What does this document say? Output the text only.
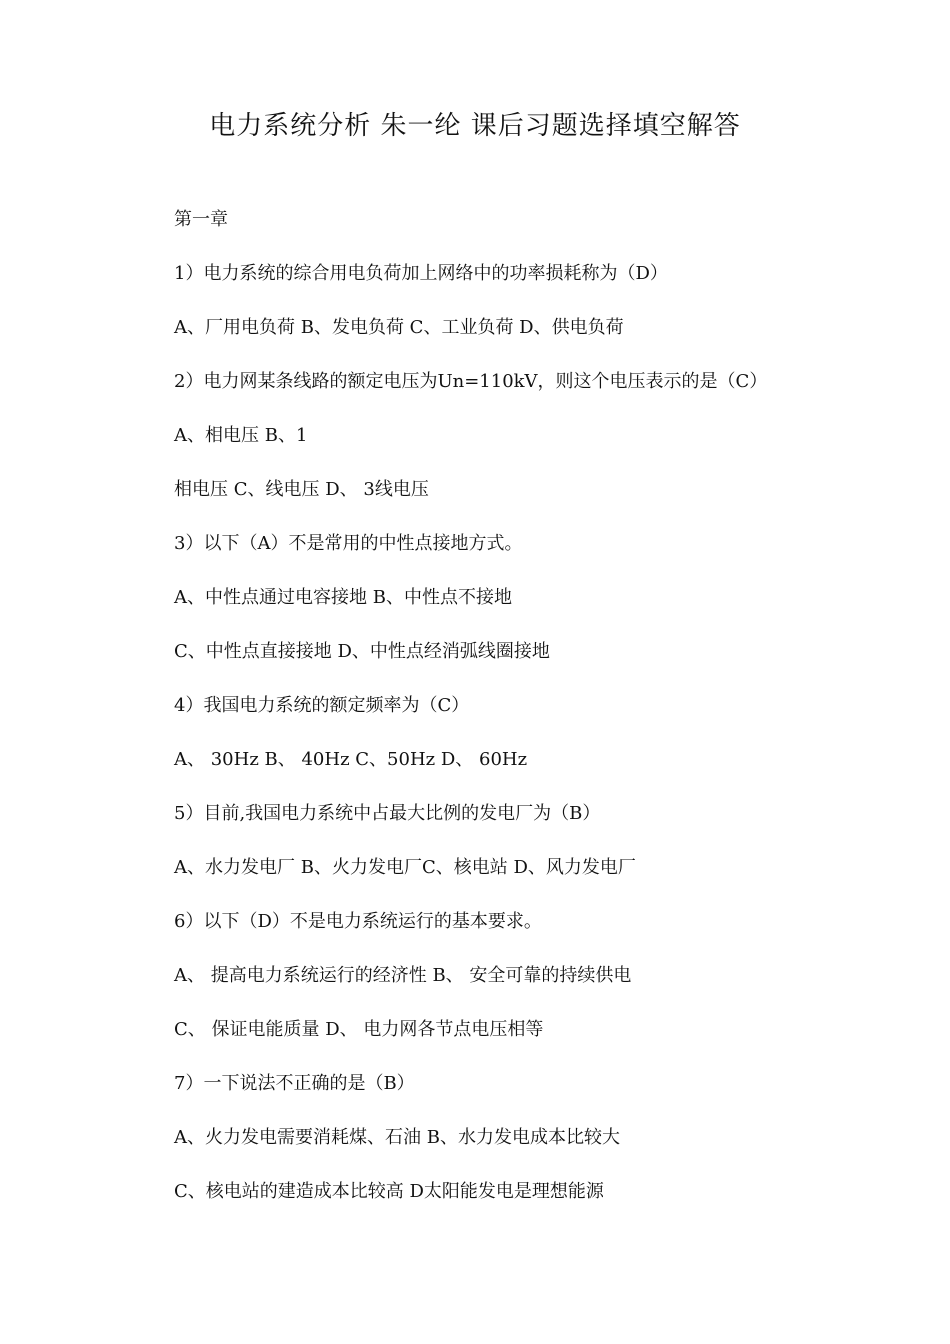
电力系统分析 朱一纶 课后习题选择填空解答
第一章
1）电力系统的综合用电负荷加上网络中的功率损耗称为（D）
A、厂用电负荷 B、发电负荷 C、工业负荷 D、供电负荷
2）电力网某条线路的额定电压为Un=110kV，则这个电压表示的是（C）
A、相电压 B、1
相电压 C、线电压 D、 3线电压
3）以下（A）不是常用的中性点接地方式。
A、中性点通过电容接地 B、中性点不接地
C、中性点直接接地 D、中性点经消弧线圈接地
4）我国电力系统的额定频率为（C）
A、 30Hz B、 40Hz C、50Hz D、 60Hz
5）目前,我国电力系统中占最大比例的发电厂为（B）
A、水力发电厂 B、火力发电厂C、核电站 D、风力发电厂
6）以下（D）不是电力系统运行的基本要求。
A、 提高电力系统运行的经济性 B、 安全可靠的持续供电
C、 保证电能质量 D、 电力网各节点电压相等
7）一下说法不正确的是（B）
A、火力发电需要消耗煤、石油 B、水力发电成本比较大
C、核电站的建造成本比较高 D太阳能发电是理想能源
